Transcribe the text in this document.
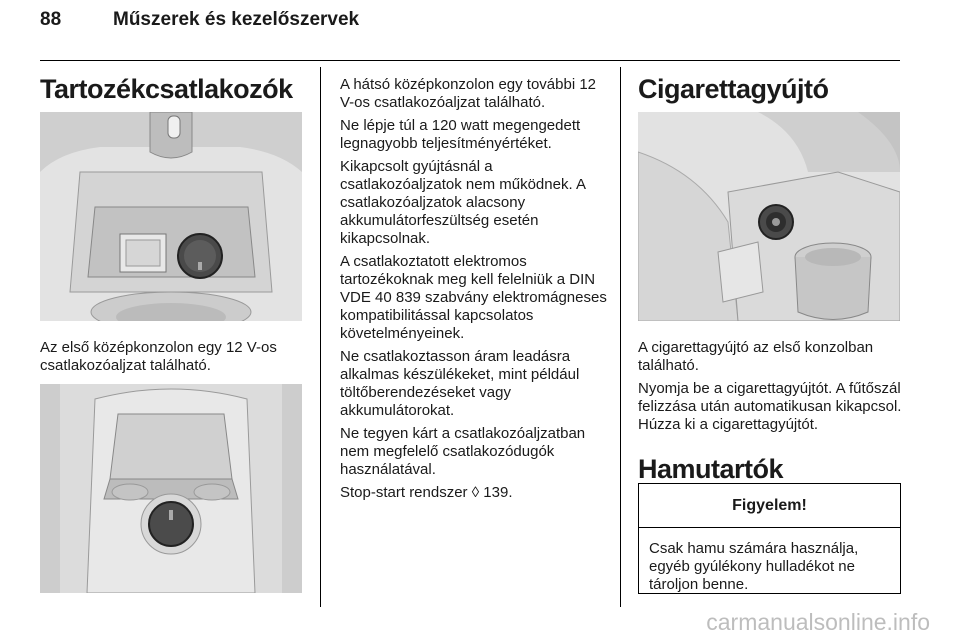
88	Műszerek és kezelőszervek
Tartozékcsatlakozók
Az első középkonzolon egy 12 V-os csatlakozóaljzat található.

A hátsó középkonzolon egy további 12 V-os csatlakozóaljzat található.

Ne lépje túl a 120 watt megengedett legnagyobb teljesítményértéket.

Kikapcsolt gyújtásnál a csatlakozóaljzatok nem működnek. A csatlakozóaljzatok alacsony akkumulátorfeszültség esetén kikapcsolnak.

A csatlakoztatott elektromos tartozékoknak meg kell felelniük a DIN VDE 40 839 szabvány elektromágneses kompatibilitással kapcsolatos követelményeinek.

Ne csatlakoztasson áram leadásra alkalmas készülékeket, mint például töltőberendezéseket vagy akkumulátorokat.

Ne tegyen kárt a csatlakozóaljzatban nem megfelelő csatlakozódugók használatával.

Stop-start rendszer ◊ 139.

Cigarettagyújtó

A cigarettagyújtó az első konzolban található.

Nyomja be a cigarettagyújtót. A fűtőszál felizzása után automatikusan kikapcsol. Húzza ki a cigarettagyújtót.

Hamutartók
Figyelem!
Csak hamu számára használja, egyéb gyúlékony hulladékot ne tároljon benne.
carmanualsonline.info
